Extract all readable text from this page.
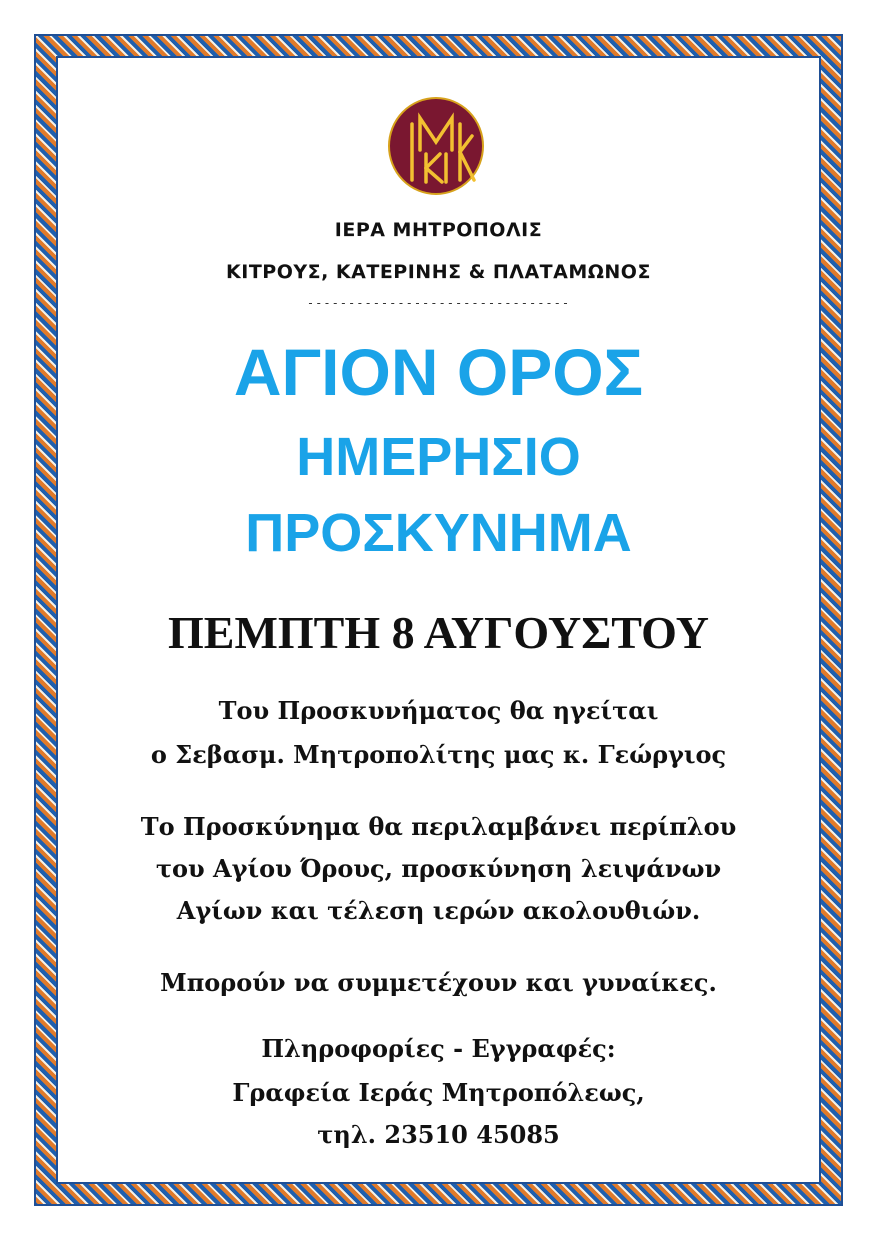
ΙΕΡΑ ΜΗΤΡΟΠΟΛΙΣ

ΚΙΤΡΟΥΣ, ΚΑΤΕΡΙΝΗΣ & ΠΛΑΤΑΜΩΝΟΣ

--------------------------------

ΑΓΙΟΝ ΟΡΟΣ

ΗΜΕΡΗΣΙΟ

ΠΡΟΣΚΥΝΗΜΑ

ΠΕΜΠΤΗ 8 ΑΥΓΟΥΣΤΟΥ

Του Προσκυνήματος θα ηγείται

ο Σεβασμ. Μητροπολίτης μας κ. Γεώργιος

Το Προσκύνημα θα περιλαμβάνει περίπλου

του Αγίου Όρους, προσκύνηση λειψάνων

Αγίων και τέλεση ιερών ακολουθιών.

Μπορούν να συμμετέχουν και γυναίκες.

Πληροφορίες - Εγγραφές:

Γραφεία Ιεράς Μητροπόλεως,

τηλ. 23510 45085
